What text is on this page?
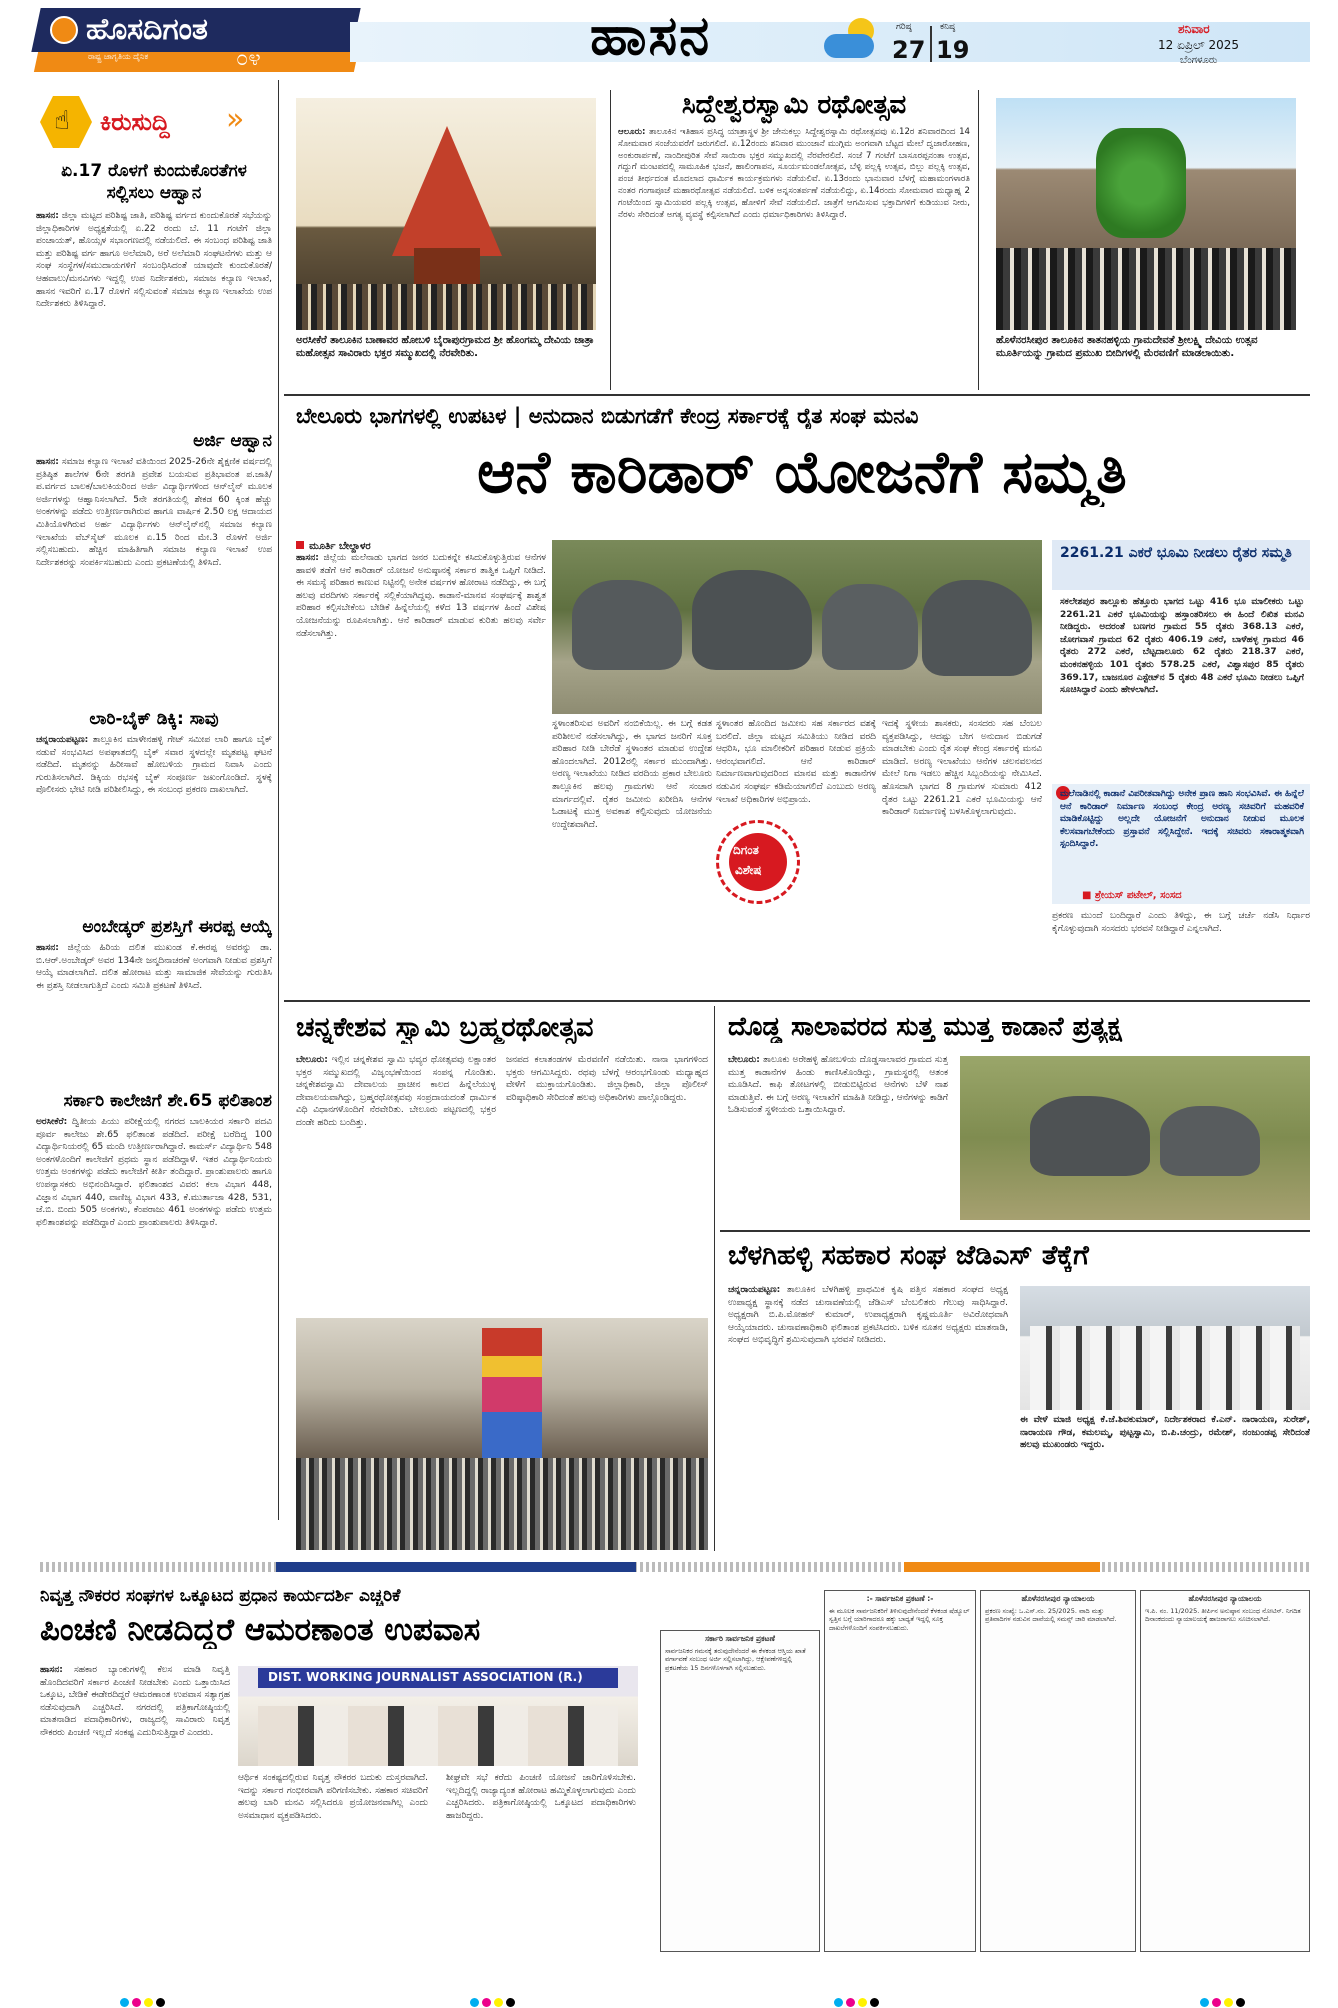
ಹೊಸದಿಗಂತ
ರಾಷ್ಟ್ರ ಜಾಗೃತಿಯ ದೈನಿಕ	೦೪	ಹಾಸನ	ಗರಿಷ್ಠ
27
ಕನಿಷ್ಠ
19
ಶನಿವಾರ
12 ಏಪ್ರಿಲ್ 2025
ಬೆಂಗಳೂರು
☝ ಕಿರುಸುದ್ದಿ »
ಏ.17 ರೊಳಗೆ ಕುಂದುಕೊರತೆಗಳ ಸಲ್ಲಿಸಲು ಆಹ್ವಾನ
ಹಾಸನ: ಜಿಲ್ಲಾ ಮಟ್ಟದ ಪರಿಶಿಷ್ಟ ಜಾತಿ, ಪರಿಶಿಷ್ಟ ವರ್ಗದ ಕುಂದುಕೊರತೆ ಸಭೆಯನ್ನು ಜಿಲ್ಲಾಧಿಕಾರಿಗಳ ಅಧ್ಯಕ್ಷತೆಯಲ್ಲಿ ಏ.22 ರಂದು ಬೆ. 11 ಗಂಟೆಗೆ ಜಿಲ್ಲಾ ಪಂಚಾಯತ್, ಹೊಯ್ಸಳ ಸಭಾಂಗಣದಲ್ಲಿ ನಡೆಯಲಿದೆ. ಈ ಸಂಬಂಧ ಪರಿಶಿಷ್ಟ ಜಾತಿ ಮತ್ತು ಪರಿಶಿಷ್ಟ ವರ್ಗ ಹಾಗೂ ಅಲೆಮಾರಿ, ಅರೆ ಅಲೆಮಾರಿ ಸಂಘಟನೆಗಳು ಮತ್ತು ಆ ಸಂಘ ಸಂಸ್ಥೆಗಳ/ಸಮುದಾಯಗಳಿಗೆ ಸಂಬಂಧಿಸಿದಂತೆ ಯಾವುದೇ ಕುಂದುಕೊರತೆ/ಆಹವಾಲು/ಮನವಿಗಳು ಇದ್ದಲ್ಲಿ ಉಪ ನಿರ್ದೇಶಕರು, ಸಮಾಜ ಕಲ್ಯಾಣ ಇಲಾಖೆ, ಹಾಸನ ಇವರಿಗೆ ಏ.17 ರೊಳಗೆ ಸಲ್ಲಿಸುವಂತೆ ಸಮಾಜ ಕಲ್ಯಾಣ ಇಲಾಖೆಯ ಉಪ ನಿರ್ದೇಶಕರು ತಿಳಿಸಿದ್ದಾರೆ.
ಅರ್ಜಿ ಆಹ್ವಾನ
ಹಾಸನ: ಸಮಾಜ ಕಲ್ಯಾಣ ಇಲಾಖೆ ವತಿಯಿಂದ 2025-26ನೇ ಶೈಕ್ಷಣಿಕ ವರ್ಷದಲ್ಲಿ ಪ್ರತಿಷ್ಠಿತ ಶಾಲೆಗಳ 6ನೇ ತರಗತಿ ಪ್ರವೇಶ ಬಯಸುವ ಪ್ರತಿಭಾವಂತ ಪ.ಜಾತಿ/ಪ.ವರ್ಗದ ಬಾಲಕ/ಬಾಲಕಿಯರಿಂದ ಅರ್ಜಿ ವಿದ್ಯಾರ್ಥಿಗಳಿಂದ ಆನ್‌ಲೈನ್ ಮೂಲಕ ಅರ್ಜಿಗಳನ್ನು ಆಹ್ವಾನಿಸಲಾಗಿದೆ. 5ನೇ ತರಗತಿಯಲ್ಲಿ ಶೇಕಡ 60 ಕ್ಕಿಂತ ಹೆಚ್ಚು ಅಂಕಗಳನ್ನು ಪಡೆದು ಉತ್ತೀರ್ಣರಾಗಿರುವ ಹಾಗೂ ವಾರ್ಷಿಕ 2.50 ಲಕ್ಷ ಆದಾಯದ ಮಿತಿಯೊಳಗಿರುವ ಅರ್ಹ ವಿದ್ಯಾರ್ಥಿಗಳು ಆನ್‌ಲೈನ್‌ನಲ್ಲಿ ಸಮಾಜ ಕಲ್ಯಾಣ ಇಲಾಖೆಯ ವೆಬ್‌ಸೈಟ್ ಮೂಲಕ ಏ.15 ರಿಂದ ಮೇ.3 ರೊಳಗೆ ಅರ್ಜಿ ಸಲ್ಲಿಸಬಹುದು. ಹೆಚ್ಚಿನ ಮಾಹಿತಿಗಾಗಿ ಸಮಾಜ ಕಲ್ಯಾಣ ಇಲಾಖೆ ಉಪ ನಿರ್ದೇಶಕರನ್ನು ಸಂಪರ್ಕಿಸಬಹುದು ಎಂದು ಪ್ರಕಟಣೆಯಲ್ಲಿ ತಿಳಿಸಿದೆ.
ಲಾರಿ-ಬೈಕ್ ಡಿಕ್ಕಿ: ಸಾವು
ಚನ್ನರಾಯಪಟ್ಟಣ: ತಾಲ್ಲೂಕಿನ ಮಾಳೇನಹಳ್ಳಿ ಗೇಟ್ ಸಮೀಪ ಲಾರಿ ಹಾಗೂ ಬೈಕ್ ನಡುವೆ ಸಂಭವಿಸಿದ ಅಪಘಾತದಲ್ಲಿ ಬೈಕ್ ಸವಾರ ಸ್ಥಳದಲ್ಲೇ ಮೃತಪಟ್ಟ ಘಟನೆ ನಡೆದಿದೆ. ಮೃತನನ್ನು ಹಿರೀಸಾವೆ ಹೋಬಳಿಯ ಗ್ರಾಮದ ನಿವಾಸಿ ಎಂದು ಗುರುತಿಸಲಾಗಿದೆ. ಡಿಕ್ಕಿಯ ರಭಸಕ್ಕೆ ಬೈಕ್ ಸಂಪೂರ್ಣ ಜಖಂಗೊಂಡಿದೆ. ಸ್ಥಳಕ್ಕೆ ಪೊಲೀಸರು ಭೇಟಿ ನೀಡಿ ಪರಿಶೀಲಿಸಿದ್ದು, ಈ ಸಂಬಂಧ ಪ್ರಕರಣ ದಾಖಲಾಗಿದೆ.
ಅಂಬೇಡ್ಕರ್ ಪ್ರಶಸ್ತಿಗೆ ಈರಪ್ಪ ಆಯ್ಕೆ
ಹಾಸನ: ಜಿಲ್ಲೆಯ ಹಿರಿಯ ದಲಿತ ಮುಖಂಡ ಕೆ.ಈರಪ್ಪ ಅವರನ್ನು ಡಾ. ಬಿ.ಆರ್.ಅಂಬೇಡ್ಕರ್ ಅವರ 134ನೇ ಜನ್ಮದಿನಾಚರಣೆ ಅಂಗವಾಗಿ ನೀಡುವ ಪ್ರಶಸ್ತಿಗೆ ಆಯ್ಕೆ ಮಾಡಲಾಗಿದೆ. ದಲಿತ ಹೋರಾಟ ಮತ್ತು ಸಾಮಾಜಿಕ ಸೇವೆಯನ್ನು ಗುರುತಿಸಿ ಈ ಪ್ರಶಸ್ತಿ ನೀಡಲಾಗುತ್ತಿದೆ ಎಂದು ಸಮಿತಿ ಪ್ರಕಟಣೆ ತಿಳಿಸಿದೆ.
ಸರ್ಕಾರಿ ಕಾಲೇಜಿಗೆ ಶೇ.65 ಫಲಿತಾಂಶ
ಅರಸೀಕೆರೆ: ದ್ವಿತೀಯ ಪಿಯು ಪರೀಕ್ಷೆಯಲ್ಲಿ ನಗರದ ಬಾಲಕಿಯರ ಸರ್ಕಾರಿ ಪದವಿ ಪೂರ್ವ ಕಾಲೇಜು ಶೇ.65 ಫಲಿತಾಂಶ ಪಡೆದಿದೆ. ಪರೀಕ್ಷೆ ಬರೆದಿದ್ದ 100 ವಿದ್ಯಾರ್ಥಿನಿಯರಲ್ಲಿ 65 ಮಂದಿ ಉತ್ತೀರ್ಣರಾಗಿದ್ದಾರೆ. ಕಾಮರ್ಸ್ ವಿದ್ಯಾರ್ಥಿನಿ 548 ಅಂಕಗಳೊಂದಿಗೆ ಕಾಲೇಜಿಗೆ ಪ್ರಥಮ ಸ್ಥಾನ ಪಡೆದಿದ್ದಾಳೆ. ಇತರ ವಿದ್ಯಾರ್ಥಿನಿಯರು ಉತ್ತಮ ಅಂಕಗಳನ್ನು ಪಡೆದು ಕಾಲೇಜಿಗೆ ಕೀರ್ತಿ ತಂದಿದ್ದಾರೆ. ಪ್ರಾಂಶುಪಾಲರು ಹಾಗೂ ಉಪನ್ಯಾಸಕರು ಅಭಿನಂದಿಸಿದ್ದಾರೆ. ಫಲಿತಾಂಶದ ವಿವರ: ಕಲಾ ವಿಭಾಗ 448, ವಿಜ್ಞಾನ ವಿಭಾಗ 440, ವಾಣಿಜ್ಯ ವಿಭಾಗ 433, ಕೆ.ಮುರ್ತಾಜಾ 428, 531, ಜೆ.ಬಿ. ಬಿಂದು 505 ಅಂಕಗಳು, ಕೆಂಪರಾಜು 461 ಅಂಕಗಳನ್ನು ಪಡೆದು ಉತ್ತಮ ಫಲಿತಾಂಶವನ್ನು ಪಡೆದಿದ್ದಾರೆ ಎಂದು ಪ್ರಾಂಶುಪಾಲರು ತಿಳಿಸಿದ್ದಾರೆ.
ಅರಸೀಕೆರೆ ತಾಲೂಕಿನ ಬಾಣಾವರ ಹೋಬಳಿ ಬೈರಾಪುರಗ್ರಾಮದ ಶ್ರೀ ಹೊಂಗಮ್ಮ ದೇವಿಯ ಜಾತ್ರಾ ಮಹೋತ್ಸವ ಸಾವಿರಾರು ಭಕ್ತರ ಸಮ್ಮುಖದಲ್ಲಿ ನೆರವೇರಿತು.
ಸಿದ್ದೇಶ್ವರಸ್ವಾಮಿ ರಥೋತ್ಸವ
ಆಲೂರು: ತಾಲೂಕಿನ ಇತಿಹಾಸ ಪ್ರಸಿದ್ಧ ಯಾತ್ರಾಸ್ಥಳ ಶ್ರೀ ಜೇನುಕಲ್ಲು ಸಿದ್ದೇಶ್ವರಸ್ವಾಮಿ ರಥೋತ್ಸವವು ಏ.12ರ ಶನಿವಾರದಿಂದ 14 ಸೋಮವಾರ ಸಂಜೆಯವರೆಗೆ ಜರುಗಲಿದೆ. ಏ.12ರಂದು ಶನಿವಾರ ಮುಂಜಾನೆ ಮುಗ್ಗಿಮ ಅಂಗವಾಗಿ ಬೆಟ್ಟದ ಮೇಲೆ ದ್ವಜಾರೋಹಣ, ಅಂಕುರಾರ್ಪಣೆ, ನಾಂದೀಪುರಿತ ಸೇವೆ ಸಾಯಿರಾ ಭಕ್ತರ ಸಮ್ಮುಖದಲ್ಲಿ ನೆರವೇರಲಿದೆ. ಸಂಜೆ 7 ಗಂಟೆಗೆ ಬಾಸೂರಪ್ಪನಂತಾ ಉತ್ಸವ, ಗದ್ದುಗೆ ಮಂಟಪದಲ್ಲಿ ಸಾಮೂಹಿಕ ಭಜನೆ, ಹಾಲಿಂಗಾಪನ, ಸೂರ್ಯಮಂಡಲೋತ್ಸವ, ಬೆಳ್ಳಿ ಪಲ್ಲಕ್ಕಿ ಉತ್ಸವ, ಬಿಲ್ಲು ಪಲ್ಲಕ್ಕಿ ಉತ್ಸವ, ಪಂಚ ತೀರ್ಥದಂತ ಮೊದಲಾದ ಧಾರ್ಮಿಕ ಕಾರ್ಯಕ್ರಮಗಳು ನಡೆಯಲಿವೆ. ಏ.13ರಂದು ಭಾನುವಾರ ಬೆಳಗ್ಗೆ ಮಹಾಮಂಗಳಾರತಿ ನಂತರ ಗಂಗಾಪೂಜೆ ಮಹಾರಥೋತ್ಸವ ನಡೆಯಲಿದೆ. ಬಳಿಕ ಅನ್ನಸಂತರ್ಪಣೆ ನಡೆಯಲಿದ್ದು, ಏ.14ರಂದು ಸೋಮವಾರ ಮಧ್ಯಾಹ್ನ 2 ಗಂಟೆಯಿಂದ ಸ್ವಾಮಿಯವರ ಪಲ್ಲಕ್ಕಿ ಉತ್ಸವ, ಹೋಳಿಗೆ ಸೇವೆ ನಡೆಯಲಿದೆ. ಜಾತ್ರೆಗೆ ಆಗಮಿಸುವ ಭಕ್ತಾದಿಗಳಿಗೆ ಕುಡಿಯುವ ನೀರು, ನೆರಳು ಸೇರಿದಂತೆ ಅಗತ್ಯ ವ್ಯವಸ್ಥೆ ಕಲ್ಪಿಸಲಾಗಿದೆ ಎಂದು ಧರ್ಮಾಧಿಕಾರಿಗಳು ತಿಳಿಸಿದ್ದಾರೆ.
ಹೊಳೆನರಸೀಪುರ ತಾಲೂಕಿನ ತಾತನಹಳ್ಳಿಯ ಗ್ರಾಮದೇವತೆ ಶ್ರೀಲಕ್ಷ್ಮಿ ದೇವಿಯ ಉತ್ಸವ ಮೂರ್ತಿಯನ್ನು ಗ್ರಾಮದ ಪ್ರಮುಖ ಬೀದಿಗಳಲ್ಲಿ ಮೆರವಣಿಗೆ ಮಾಡಲಾಯಿತು.
ಬೇಲೂರು ಭಾಗಗಳಲ್ಲಿ ಉಪಟಳ | ಅನುದಾನ ಬಿಡುಗಡೆಗೆ ಕೇಂದ್ರ ಸರ್ಕಾರಕ್ಕೆ ರೈತ ಸಂಘ ಮನವಿ
ಆನೆ ಕಾರಿಡಾರ್ ಯೋಜನೆಗೆ ಸಮ್ಮತಿ
ಮೂರ್ತಿ ಬೇಲ್ದಾಳರ
ಹಾಸನ: ಜಿಲ್ಲೆಯ ಮಲೆನಾಡು ಭಾಗದ ಜನರ ಬದುಕನ್ನೇ ಕಸಿದುಕೊಳ್ಳುತ್ತಿರುವ ಆನೆಗಳ ಹಾವಳಿ ತಡೆಗೆ ಆನೆ ಕಾರಿಡಾರ್ ಯೋಜನೆ ಅನುಷ್ಠಾನಕ್ಕೆ ಸರ್ಕಾರ ತಾತ್ವಿಕ ಒಪ್ಪಿಗೆ ನೀಡಿದೆ. ಈ ಸಮಸ್ಯೆ ಪರಿಹಾರ ಕಾಣುವ ನಿಟ್ಟಿನಲ್ಲಿ ಅನೇಕ ವರ್ಷಗಳ ಹೋರಾಟ ನಡೆದಿದ್ದು, ಈ ಬಗ್ಗೆ ಹಲವು ವರದಿಗಳು ಸರ್ಕಾರಕ್ಕೆ ಸಲ್ಲಿಕೆಯಾಗಿದ್ದವು. ಕಾಡಾನೆ-ಮಾನವ ಸಂಘರ್ಷಕ್ಕೆ ಶಾಶ್ವತ ಪರಿಹಾರ ಕಲ್ಪಿಸಬೇಕೆಂಬ ಬೇಡಿಕೆ ಹಿನ್ನೆಲೆಯಲ್ಲಿ ಕಳೆದ 13 ವರ್ಷಗಳ ಹಿಂದೆ ವಿಶೇಷ ಯೋಜನೆಯನ್ನು ರೂಪಿಸಲಾಗಿತ್ತು. ಆನೆ ಕಾರಿಡಾರ್ ಮಾಡುವ ಕುರಿತು ಹಲವು ಸರ್ವೇ ನಡೆಸಲಾಗಿತ್ತು.
ಸ್ಥಳಾಂತರಿಸುವ ಅವರಿಗೆ ನಂಬಿಕೆಯಿಲ್ಲ. ಈ ಬಗ್ಗೆ ಕಡತ ಪರಿಶೀಲನೆ ನಡೆಸಲಾಗಿದ್ದು, ಈ ಭಾಗದ ಜನರಿಗೆ ಸೂಕ್ತ ಪರಿಹಾರ ನೀಡಿ ಬೇರೆಡೆ ಸ್ಥಳಾಂತರ ಮಾಡುವ ಉದ್ದೇಶ ಹೊಂದಲಾಗಿದೆ. 2012ರಲ್ಲಿ ಸರ್ಕಾರ ಮುಂದಾಗಿತ್ತು. ಅರಣ್ಯ ಇಲಾಖೆಯು ನೀಡಿದ ವರದಿಯ ಪ್ರಕಾರ ಬೇಲೂರು ತಾಲ್ಲೂಕಿನ ಹಲವು ಗ್ರಾಮಗಳು ಆನೆ ಸಂಚಾರ ಮಾರ್ಗದಲ್ಲಿವೆ. ರೈತರ ಜಮೀನು ಖರೀದಿಸಿ ಆನೆಗಳ ಓಡಾಟಕ್ಕೆ ಮುಕ್ತ ಅವಕಾಶ ಕಲ್ಪಿಸುವುದು ಯೋಜನೆಯ ಉದ್ದೇಶವಾಗಿದೆ.
ದಿಗಂತ
ವಿಶೇಷ
ಸ್ಥಳಾಂತರ ಹೊಂದಿದ ಜಮೀನು ಸಹ ಸರ್ಕಾರದ ವಶಕ್ಕೆ ಬರಲಿದೆ. ಜಿಲ್ಲಾ ಮಟ್ಟದ ಸಮಿತಿಯು ನೀಡಿದ ವರದಿ ಆಧರಿಸಿ, ಭೂ ಮಾಲೀಕರಿಗೆ ಪರಿಹಾರ ನೀಡುವ ಪ್ರಕ್ರಿಯೆ ಆರಂಭವಾಗಲಿದೆ. ಆನೆ ಕಾರಿಡಾರ್ ನಿರ್ಮಾಣವಾಗುವುದರಿಂದ ಮಾನವ ಮತ್ತು ಕಾಡಾನೆಗಳ ನಡುವಿನ ಸಂಘರ್ಷ ಕಡಿಮೆಯಾಗಲಿದೆ ಎಂಬುದು ಅರಣ್ಯ ಇಲಾಖೆ ಅಧಿಕಾರಿಗಳ ಅಭಿಪ್ರಾಯ.
ಇದಕ್ಕೆ ಸ್ಥಳೀಯ ಶಾಸಕರು, ಸಂಸದರು ಸಹ ಬೆಂಬಲ ವ್ಯಕ್ತಪಡಿಸಿದ್ದು, ಆದಷ್ಟು ಬೇಗ ಅನುದಾನ ಬಿಡುಗಡೆ ಮಾಡಬೇಕು ಎಂದು ರೈತ ಸಂಘ ಕೇಂದ್ರ ಸರ್ಕಾರಕ್ಕೆ ಮನವಿ ಮಾಡಿದೆ. ಅರಣ್ಯ ಇಲಾಖೆಯು ಆನೆಗಳ ಚಲನವಲನದ ಮೇಲೆ ನಿಗಾ ಇಡಲು ಹೆಚ್ಚಿನ ಸಿಬ್ಬಂದಿಯನ್ನು ನೇಮಿಸಿದೆ. ಹೊಸದಾಗಿ ಭಾಗದ 8 ಗ್ರಾಮಗಳ ಸುಮಾರು 412 ರೈತರ ಒಟ್ಟು 2261.21 ಎಕರೆ ಭೂಮಿಯನ್ನು ಆನೆ ಕಾರಿಡಾರ್ ನಿರ್ಮಾಣಕ್ಕೆ ಬಳಸಿಕೊಳ್ಳಲಾಗುವುದು.
2261.21 ಎಕರೆ ಭೂಮಿ ನೀಡಲು ರೈತರ ಸಮ್ಮತಿ
ಸಕಲೇಶಪುರ ತಾಲ್ಲೂಕು ಹೆತ್ತೂರು ಭಾಗದ ಒಟ್ಟು 416 ಭೂ ಮಾಲೀಕರು ಒಟ್ಟು 2261.21 ಎಕರೆ ಭೂಮಿಯನ್ನು ಹಸ್ತಾಂತರಿಸಲು ಈ ಹಿಂದೆ ಲಿಖಿತ ಮನವಿ ನೀಡಿದ್ದರು. ಅದರಂತೆ ಬಣಗರ ಗ್ರಾಮದ 55 ರೈತರು 368.13 ಎಕರೆ, ಜೋಗವಾಸೆ ಗ್ರಾಮದ 62 ರೈತರು 406.19 ಎಕರೆ, ಬಾಳೆಹಳ್ಳ ಗ್ರಾಮದ 46 ರೈತರು 272 ಎಕರೆ, ಬೆಟ್ಟದಾಲೂರು 62 ರೈತರು 218.37 ಎಕರೆ, ಮಂಕನಹಳ್ಳಿಯ 101 ರೈತರು 578.25 ಎಕರೆ, ವಿಶ್ವಾಸಪುರ 85 ರೈತರು 369.17, ಬಾಜನೂರ ಎಸ್ಟೇಟ್‌ನ 5 ರೈತರು 48 ಎಕರೆ ಭೂಮಿ ನೀಡಲು ಒಪ್ಪಿಗೆ ಸೂಚಿಸಿದ್ದಾರೆ ಎಂದು ಹೇಳಲಾಗಿದೆ.
ಮಲೆನಾಡಿನಲ್ಲಿ ಕಾಡಾನೆ ವಿಪರೀತವಾಗಿದ್ದು ಅನೇಕ ಪ್ರಾಣ ಹಾನಿ ಸಂಭವಿಸಿವೆ. ಈ ಹಿನ್ನೆಲೆ ಆನೆ ಕಾರಿಡಾರ್ ನಿರ್ಮಾಣ ಸಂಬಂಧ ಕೇಂದ್ರ ಅರಣ್ಯ ಸಚಿವರಿಗೆ ಮಹವರಿಕೆ ಮಾಡಿಕೊಟ್ಟಿದ್ದು ಅಲ್ಲದೇ ಯೋಜನೆಗೆ ಅನುದಾನ ನೀಡುವ ಮೂಲಕ ಕೆಲಸವಾಗಬೇಕೆಂದು ಪ್ರಸ್ತಾವನೆ ಸಲ್ಲಿಸಿದ್ದೇನೆ. ಇದಕ್ಕೆ ಸಚಿವರು ಸಕಾರಾತ್ಮಕವಾಗಿ ಸ್ಪಂದಿಸಿದ್ದಾರೆ.
■ ಶ್ರೇಯಸ್ ಪಟೇಲ್, ಸಂಸದ
ಪ್ರಕರಣ ಮುಂದೆ ಬಂದಿದ್ದಾರೆ ಎಂದು ತಿಳಿದ್ದು, ಈ ಬಗ್ಗೆ ಚರ್ಚೆ ನಡೆಸಿ ನಿರ್ಧಾರ ಕೈಗೊಳ್ಳುವುದಾಗಿ ಸಂಸದರು ಭರವಸೆ ನೀಡಿದ್ದಾರೆ ಎನ್ನಲಾಗಿದೆ.
ಚನ್ನಕೇಶವ ಸ್ವಾಮಿ ಬ್ರಹ್ಮರಥೋತ್ಸವ
ಬೇಲೂರು: ಇಲ್ಲಿನ ಚನ್ನಕೇಶವ ಸ್ವಾಮಿ ಭವ್ಯರ ಥೋತ್ಸವವು ಲಕ್ಷಾಂತರ ಭಕ್ತರ ಸಮ್ಮುಖದಲ್ಲಿ ವಿಜೃಂಭಣೆಯಿಂದ ಸಂಪನ್ನ ಗೊಂಡಿತು. ಚನ್ನಕೇಶವಸ್ವಾಮಿ ದೇವಾಲಯ ಪ್ರಾಚೀನ ಕಾಲದ ಹಿನ್ನೆಲೆಯುಳ್ಳ ದೇವಾಲಯವಾಗಿದ್ದು, ಬ್ರಹ್ಮರಥೋತ್ಸವವು ಸಂಪ್ರದಾಯದಂತೆ ಧಾರ್ಮಿಕ ವಿಧಿ ವಿಧಾನಗಳೊಂದಿಗೆ ನೆರವೇರಿತು. ಬೇಲೂರು ಪಟ್ಟಣದಲ್ಲಿ ಭಕ್ತರ ದಂಡೇ ಹರಿದು ಬಂದಿತ್ತು.
ಜನಪದ ಕಲಾತಂಡಗಳ ಮೆರವಣಿಗೆ ನಡೆಯಿತು. ನಾನಾ ಭಾಗಗಳಿಂದ ಭಕ್ತರು ಆಗಮಿಸಿದ್ದರು. ರಥವು ಬೆಳಗ್ಗೆ ಆರಂಭಗೊಂಡು ಮಧ್ಯಾಹ್ನದ ವೇಳೆಗೆ ಮುಕ್ತಾಯಗೊಂಡಿತು. ಜಿಲ್ಲಾಧಿಕಾರಿ, ಜಿಲ್ಲಾ ಪೊಲೀಸ್ ವರಿಷ್ಠಾಧಿಕಾರಿ ಸೇರಿದಂತೆ ಹಲವು ಅಧಿಕಾರಿಗಳು ಪಾಲ್ಗೊಂಡಿದ್ದರು.
ದೊಡ್ಡ ಸಾಲಾವರದ ಸುತ್ತ ಮುತ್ತ ಕಾಡಾನೆ ಪ್ರತ್ಯಕ್ಷ
ಬೇಲೂರು: ತಾಲೂಕು ಅರೇಹಳ್ಳಿ ಹೋಬಳಿಯ ದೊಡ್ಡಸಾಲಾವರ ಗ್ರಾಮದ ಸುತ್ತ ಮುತ್ತ ಕಾಡಾನೆಗಳ ಹಿಂಡು ಕಾಣಿಸಿಕೊಂಡಿದ್ದು, ಗ್ರಾಮಸ್ಥರಲ್ಲಿ ಆತಂಕ ಮೂಡಿಸಿದೆ. ಕಾಫಿ ತೋಟಗಳಲ್ಲಿ ಬೀಡುಬಿಟ್ಟಿರುವ ಆನೆಗಳು ಬೆಳೆ ನಾಶ ಮಾಡುತ್ತಿವೆ. ಈ ಬಗ್ಗೆ ಅರಣ್ಯ ಇಲಾಖೆಗೆ ಮಾಹಿತಿ ನೀಡಿದ್ದು, ಆನೆಗಳನ್ನು ಕಾಡಿಗೆ ಓಡಿಸುವಂತೆ ಸ್ಥಳೀಯರು ಒತ್ತಾಯಿಸಿದ್ದಾರೆ.
ಬೆಳಗಿಹಳ್ಳಿ ಸಹಕಾರ ಸಂಘ ಜೆಡಿಎಸ್ ತೆಕ್ಕೆಗೆ
ಚನ್ನರಾಯಪಟ್ಟಣ: ತಾಲೂಕಿನ ಬೆಳಗಿಹಳ್ಳಿ ಪ್ರಾಥಮಿಕ ಕೃಷಿ ಪತ್ತಿನ ಸಹಕಾರ ಸಂಘದ ಅಧ್ಯಕ್ಷ ಉಪಾಧ್ಯಕ್ಷ ಸ್ಥಾನಕ್ಕೆ ನಡೆದ ಚುನಾವಣೆಯಲ್ಲಿ ಜೆಡಿಎಸ್ ಬೆಂಬಲಿತರು ಗೆಲುವು ಸಾಧಿಸಿದ್ದಾರೆ. ಅಧ್ಯಕ್ಷರಾಗಿ ಬಿ.ಪಿ.ಮೋಹನ್ ಕುಮಾರ್, ಉಪಾಧ್ಯಕ್ಷರಾಗಿ ಕೃಷ್ಣಮೂರ್ತಿ ಅವಿರೋಧವಾಗಿ ಆಯ್ಕೆಯಾದರು. ಚುನಾವಣಾಧಿಕಾರಿ ಫಲಿತಾಂಶ ಪ್ರಕಟಿಸಿದರು. ಬಳಿಕ ನೂತನ ಅಧ್ಯಕ್ಷರು ಮಾತನಾಡಿ, ಸಂಘದ ಅಭಿವೃದ್ಧಿಗೆ ಶ್ರಮಿಸುವುದಾಗಿ ಭರವಸೆ ನೀಡಿದರು.
ಈ ವೇಳೆ ಮಾಜಿ ಅಧ್ಯಕ್ಷ ಕೆ.ಜೆ.ಶಿವಕುಮಾರ್, ನಿರ್ದೇಶಕರಾದ ಕೆ.ಎನ್. ನಾರಾಯಣ, ಸುರೇಶ್, ನಾರಾಯಣ ಗೌಡ, ಕಮಲಮ್ಮ, ಪುಟ್ಟಸ್ವಾಮಿ, ಬಿ.ಪಿ.ಚಂದ್ರು, ರಮೇಶ್, ನಂಜುಂಡಪ್ಪ ಸೇರಿದಂತೆ ಹಲವು ಮುಖಂಡರು ಇದ್ದರು.
ನಿವೃತ್ತ ನೌಕರರ ಸಂಘಗಳ ಒಕ್ಕೂಟದ ಪ್ರಧಾನ ಕಾರ್ಯದರ್ಶಿ ಎಚ್ಚರಿಕೆ
ಪಿಂಚಣಿ ನೀಡದಿದ್ದರೆ ಆಮರಣಾಂತ ಉಪವಾಸ
ಹಾಸನ: ಸಹಕಾರ ಬ್ಯಾಂಕುಗಳಲ್ಲಿ ಕೆಲಸ ಮಾಡಿ ನಿವೃತ್ತಿ ಹೊಂದಿದವರಿಗೆ ಸರ್ಕಾರ ಪಿಂಚಣಿ ನೀಡಬೇಕು ಎಂದು ಒತ್ತಾಯಿಸಿದ ಒಕ್ಕೂಟ, ಬೇಡಿಕೆ ಈಡೇರದಿದ್ದರೆ ಆಮರಣಾಂತ ಉಪವಾಸ ಸತ್ಯಾಗ್ರಹ ನಡೆಸುವುದಾಗಿ ಎಚ್ಚರಿಸಿದೆ. ನಗರದಲ್ಲಿ ಪತ್ರಿಕಾಗೋಷ್ಠಿಯಲ್ಲಿ ಮಾತನಾಡಿದ ಪದಾಧಿಕಾರಿಗಳು, ರಾಜ್ಯದಲ್ಲಿ ಸಾವಿರಾರು ನಿವೃತ್ತ ನೌಕರರು ಪಿಂಚಣಿ ಇಲ್ಲದೆ ಸಂಕಷ್ಟ ಎದುರಿಸುತ್ತಿದ್ದಾರೆ ಎಂದರು.
DIST. WORKING JOURNALIST ASSOCIATION (R.)
ಆರ್ಥಿಕ ಸಂಕಷ್ಟದಲ್ಲಿರುವ ನಿವೃತ್ತ ನೌಕರರ ಬದುಕು ದುಸ್ತರವಾಗಿದೆ. ಇದನ್ನು ಸರ್ಕಾರ ಗಂಭೀರವಾಗಿ ಪರಿಗಣಿಸಬೇಕು. ಸಹಕಾರ ಸಚಿವರಿಗೆ ಹಲವು ಬಾರಿ ಮನವಿ ಸಲ್ಲಿಸಿದರೂ ಪ್ರಯೋಜನವಾಗಿಲ್ಲ ಎಂದು ಅಸಮಾಧಾನ ವ್ಯಕ್ತಪಡಿಸಿದರು.
ಶೀಘ್ರವೇ ಸಭೆ ಕರೆದು ಪಿಂಚಣಿ ಯೋಜನೆ ಜಾರಿಗೊಳಿಸಬೇಕು. ಇಲ್ಲದಿದ್ದಲ್ಲಿ ರಾಜ್ಯಾದ್ಯಂತ ಹೋರಾಟ ಹಮ್ಮಿಕೊಳ್ಳಲಾಗುವುದು ಎಂದು ಎಚ್ಚರಿಸಿದರು. ಪತ್ರಿಕಾಗೋಷ್ಠಿಯಲ್ಲಿ ಒಕ್ಕೂಟದ ಪದಾಧಿಕಾರಿಗಳು ಹಾಜರಿದ್ದರು.
ಸರ್ಕಾರಿ ಸಾರ್ವಜನಿಕ ಪ್ರಕಟಣೆ
ಸಾರ್ವಜನಿಕರ ಗಮನಕ್ಕೆ ತರುವುದೇನೆಂದರೆ ಈ ಕೆಳಕಂಡ ಆಸ್ತಿಯ ಖಾತೆ ವರ್ಗಾವಣೆ ಸಂಬಂಧ ಅರ್ಜಿ ಸಲ್ಲಿಸಲಾಗಿದ್ದು, ಆಕ್ಷೇಪಣೆಗಳಿದ್ದಲ್ಲಿ ಪ್ರಕಟಣೆಯ 15 ದಿನಗಳೊಳಗಾಗಿ ಸಲ್ಲಿಸಬಹುದು.
:- ಸಾರ್ವಜನಿಕ ಪ್ರಕಟಣೆ :-
ಈ ಮೂಲಕ ಸಾರ್ವಜನಿಕರಿಗೆ ತಿಳಿಸುವುದೇನೆಂದರೆ ಕೆಳಕಂಡ ಷೆಡ್ಯೂಲ್ ಸ್ವತ್ತಿನ ಬಗ್ಗೆ ಯಾರಿಗಾದರೂ ಹಕ್ಕು ಬಾಧ್ಯತೆ ಇದ್ದಲ್ಲಿ ಸೂಕ್ತ ದಾಖಲೆಗಳೊಂದಿಗೆ ಸಂಪರ್ಕಿಸಬಹುದು.
ಹೊಳೆನರಸೀಪುರ ನ್ಯಾಯಾಲಯ
ಪ್ರಕರಣ ಸಂಖ್ಯೆ: ಒ.ಎಸ್.ನಂ. 25/2025. ವಾದಿ ಮತ್ತು ಪ್ರತಿವಾದಿಗಳ ನಡುವಿನ ದಾವೆಯಲ್ಲಿ ಸಮನ್ಸ್ ಜಾರಿ ಮಾಡಲಾಗಿದೆ.
ಹೊಳೆನರಸೀಪುರ ನ್ಯಾಯಾಲಯ
ಇ.ಪಿ. ನಂ. 11/2025. ತೀರ್ಪಿನ ಅನುಷ್ಠಾನ ಸಂಬಂಧ ನೋಟಿಸ್. ನಿಗದಿತ ದಿನಾಂಕದಂದು ನ್ಯಾಯಾಲಯಕ್ಕೆ ಹಾಜರಾಗಲು ಸೂಚಿಸಲಾಗಿದೆ.
